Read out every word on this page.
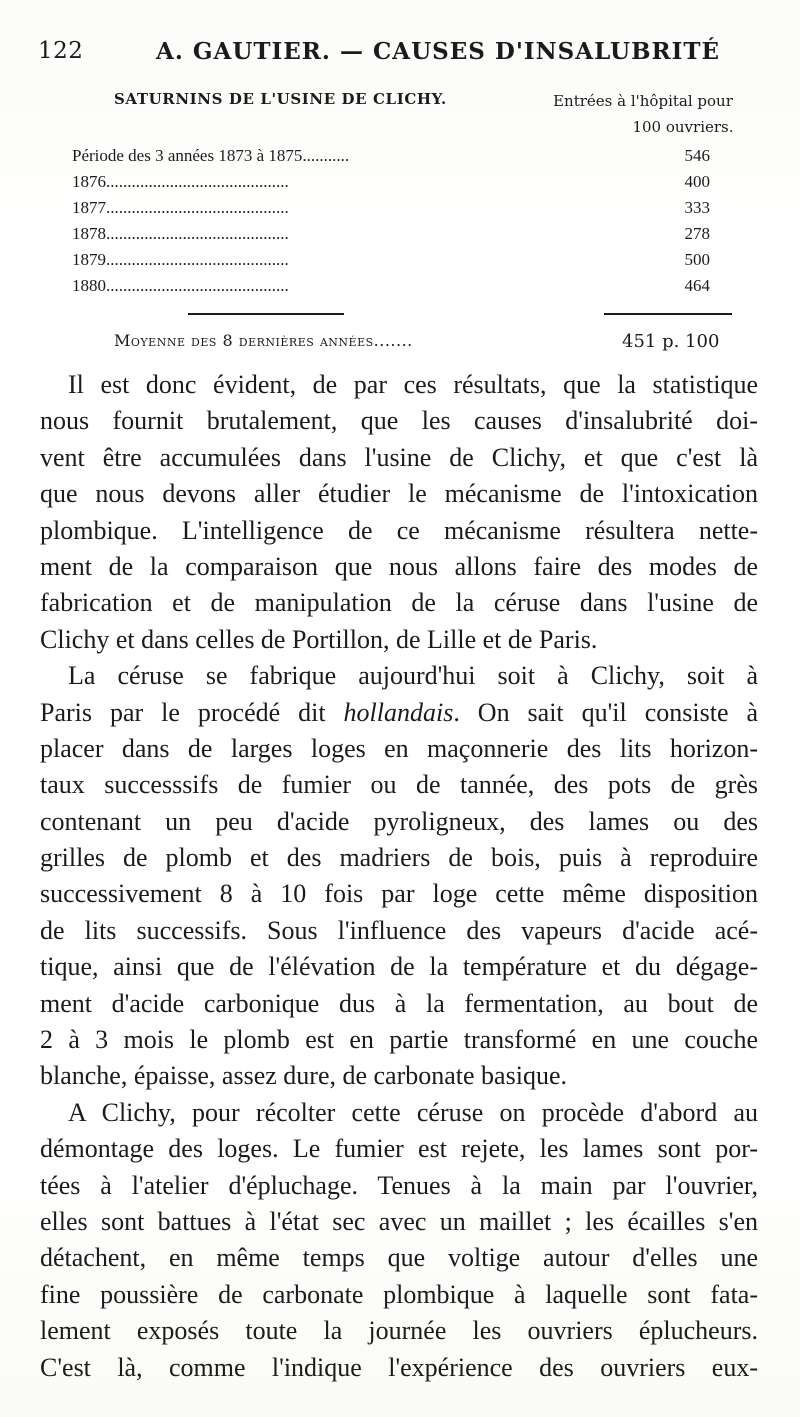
122	A. GAUTIER. — CAUSES D'INSALUBRITÉ
SATURNINS DE L'USINE DE CLICHY.	Entrées à l'hôpital pour
100 ouvriers.
Période des 3 années 1873 à 1875...........	546
1876...........................................	400
1877...........................................	333
1878...........................................	278
1879...........................................	500
1880...........................................	464
Moyenne des 8 dernières années.......	451 p. 100
Il est donc évident, de par ces résultats, que la statistique
nous fournit brutalement, que les causes d'insalubrité doi-
vent être accumulées dans l'usine de Clichy, et que c'est là
que nous devons aller étudier le mécanisme de l'intoxication
plombique. L'intelligence de ce mécanisme résultera nette-
ment de la comparaison que nous allons faire des modes de
fabrication et de manipulation de la céruse dans l'usine de
Clichy et dans celles de Portillon, de Lille et de Paris.
La céruse se fabrique aujourd'hui soit à Clichy, soit à
Paris par le procédé dit hollandais. On sait qu'il consiste à
placer dans de larges loges en maçonnerie des lits horizon-
taux successsifs de fumier ou de tannée, des pots de grès
contenant un peu d'acide pyroligneux, des lames ou des
grilles de plomb et des madriers de bois, puis à reproduire
successivement 8 à 10 fois par loge cette même disposition
de lits successifs. Sous l'influence des vapeurs d'acide acé-
tique, ainsi que de l'élévation de la température et du dégage-
ment d'acide carbonique dus à la fermentation, au bout de
2 à 3 mois le plomb est en partie transformé en une couche
blanche, épaisse, assez dure, de carbonate basique.
A Clichy, pour récolter cette céruse on procède d'abord au
démontage des loges. Le fumier est rejete, les lames sont por-
tées à l'atelier d'épluchage. Tenues à la main par l'ouvrier,
elles sont battues à l'état sec avec un maillet ; les écailles s'en
détachent, en même temps que voltige autour d'elles une
fine poussière de carbonate plombique à laquelle sont fata-
lement exposés toute la journée les ouvriers éplucheurs.
C'est là, comme l'indique l'expérience des ouvriers eux-
